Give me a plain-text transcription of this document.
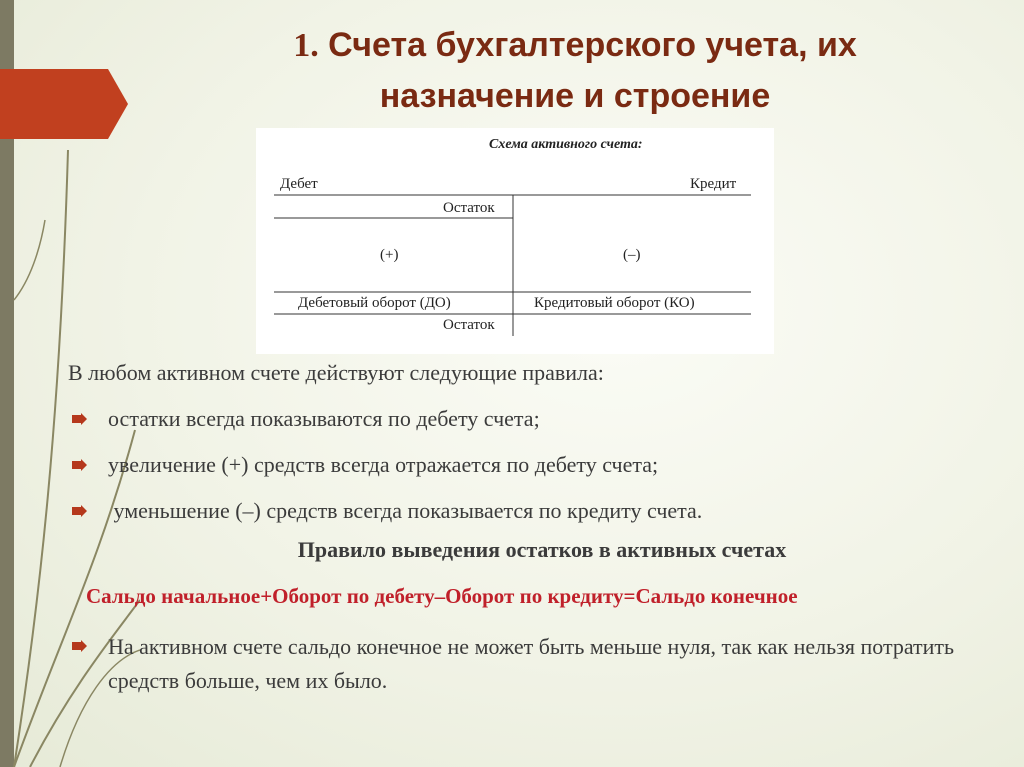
1. Счета бухгалтерского учета, их
назначение и строение
Схема активного счета:
Дебет	Кредит
Остаток
(+)	(–)
Дебетовый оборот (ДО)	Кредитовый оборот (КО)
Остаток

В любом активном счете действуют следующие правила:

остатки всегда показываются по дебету счета;
увеличение (+) средств всегда отражается по дебету счета;
уменьшение (–) средств всегда показывается по кредиту счета.

Правило выведения остатков в активных счетах

Сальдо начальное+Оборот по дебету–Оборот по кредиту=Сальдо конечное

На активном счете сальдо конечное не может быть меньше нуля, так как нельзя потратить средств больше, чем их было.
